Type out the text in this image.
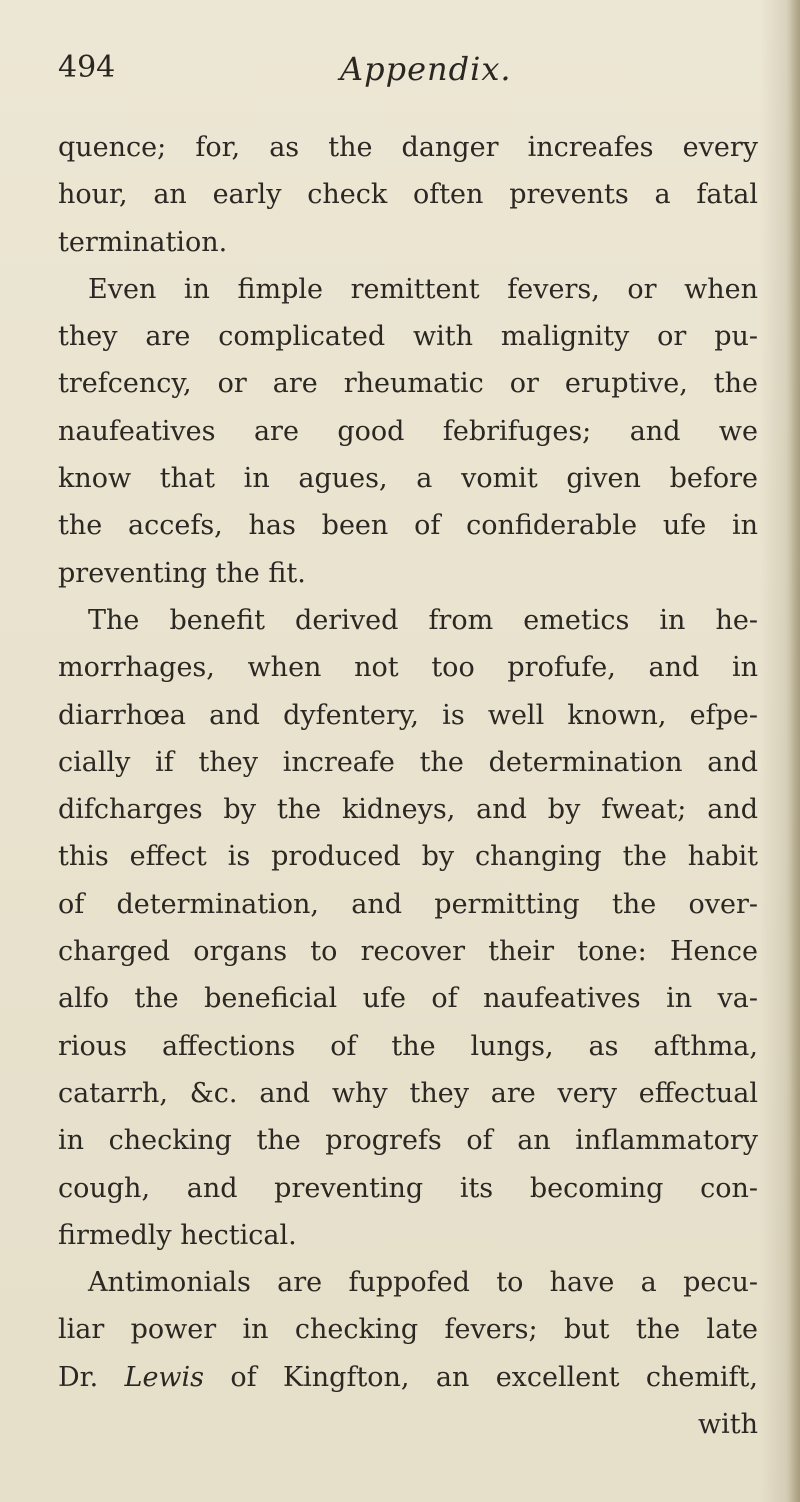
494	Appendix.
quence; for, as the danger increafes every
hour, an early check often prevents a fatal
termination.
Even in fimple remittent fevers, or when
they are complicated with malignity or pu-
trefcency, or are rheumatic or eruptive, the
naufeatives are good febrifuges; and we
know that in agues, a vomit given before
the accefs, has been of confiderable ufe in
preventing the fit.
The benefit derived from emetics in he-
morrhages, when not too profufe, and in
diarrhœa and dyfentery, is well known, efpe-
cially if they increafe the determination and
difcharges by the kidneys, and by fweat; and
this effect is produced by changing the habit
of determination, and permitting the over-
charged organs to recover their tone: Hence
alfo the beneficial ufe of naufeatives in va-
rious affections of the lungs, as afthma,
catarrh, &c. and why they are very effectual
in checking the progrefs of an inflammatory
cough, and preventing its becoming con-
firmedly hectical.
Antimonials are fuppofed to have a pecu-
liar power in checking fevers; but the late
Dr. Lewis of Kingfton, an excellent chemift,
with
